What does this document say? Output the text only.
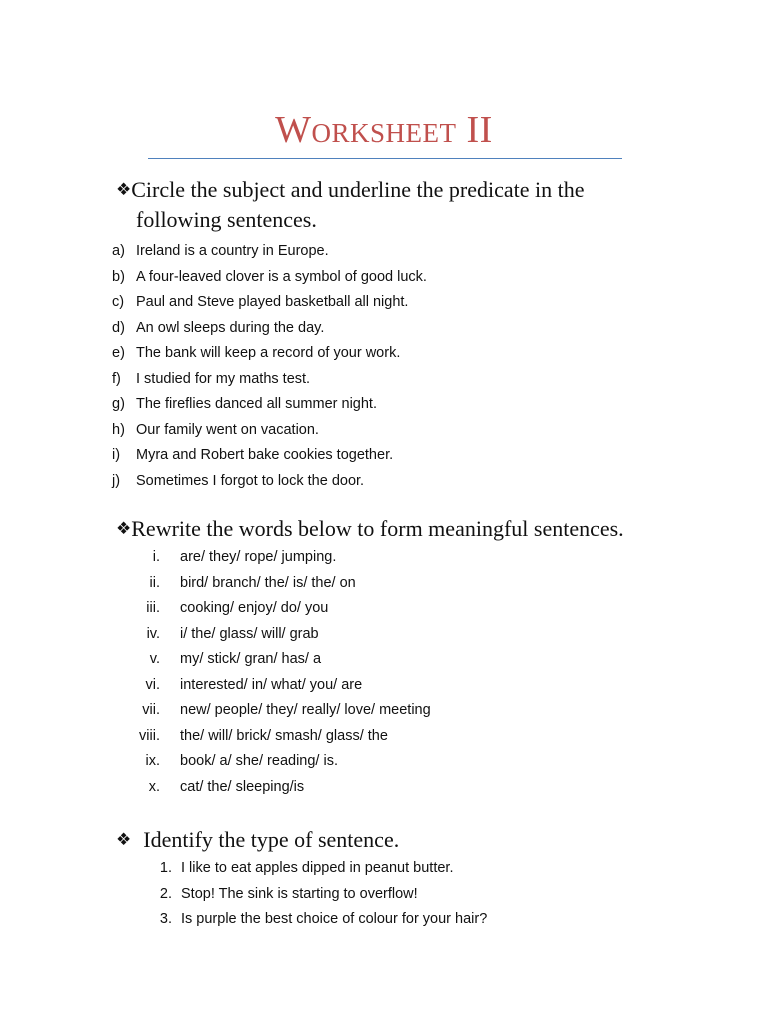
Worksheet II
❖Circle the subject and underline the predicate in the
following sentences.
a) Ireland is a country in Europe.
b) A four-leaved clover is a symbol of good luck.
c) Paul and Steve played basketball all night.
d) An owl sleeps during the day.
e) The bank will keep a record of your work.
f)	I studied for my maths test.
g) The fireflies danced all summer night.
h) Our family went on vacation.
i)	Myra and Robert bake cookies together.
j)	Sometimes I forgot to lock the door.
❖Rewrite the words below to form meaningful sentences.
i. are/ they/ rope/ jumping.
ii. bird/ branch/ the/ is/ the/ on
iii. cooking/ enjoy/ do/ you
iv. i/ the/ glass/ will/ grab
v. my/ stick/ gran/ has/ a
vi. interested/ in/ what/ you/ are
vii. new/ people/ they/ really/ love/ meeting
viii. the/ will/ brick/ smash/ glass/ the
ix. book/ a/ she/ reading/ is.
x. cat/ the/ sleeping/is
❖ Identify the type of sentence.
1. I like to eat apples dipped in peanut butter.
2. Stop! The sink is starting to overflow!
3. Is purple the best choice of colour for your hair?
